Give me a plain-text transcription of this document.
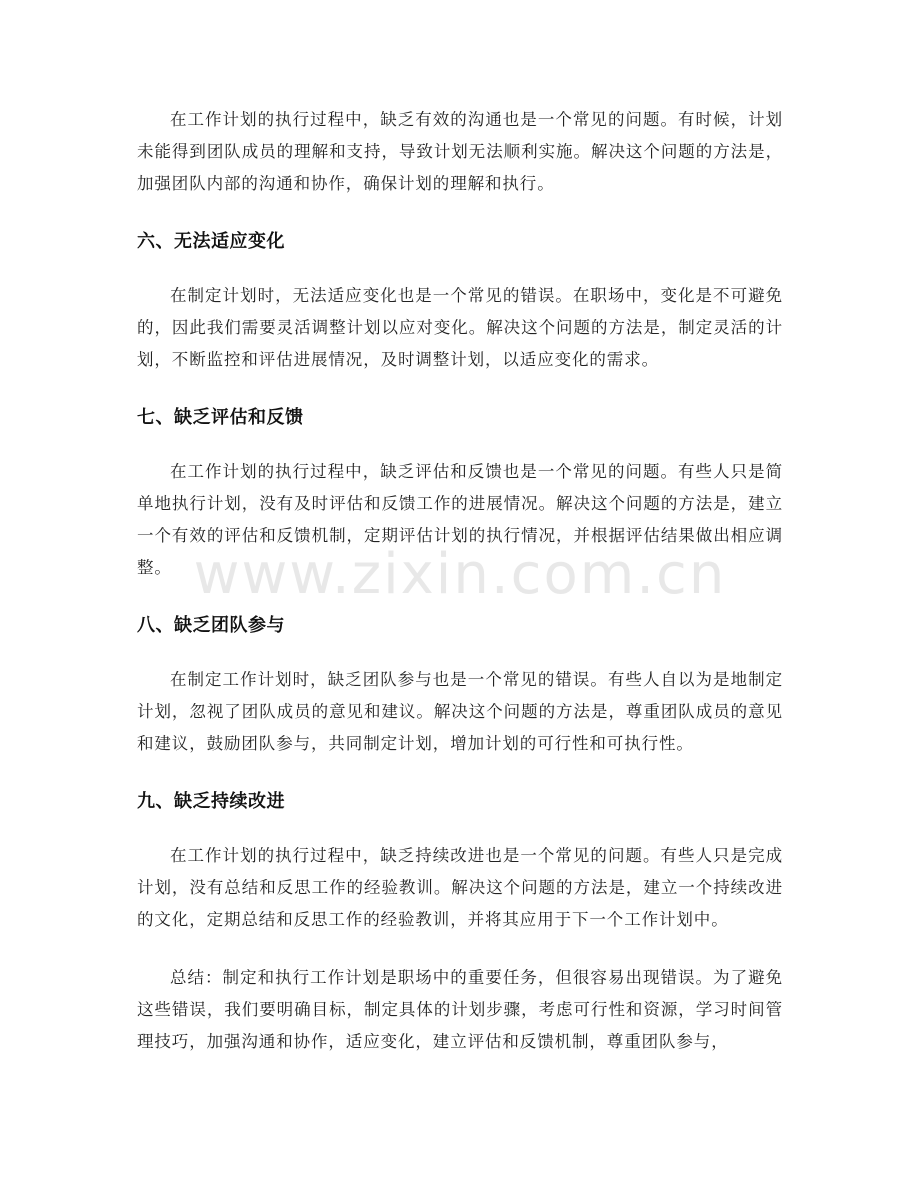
在工作计划的执行过程中，缺乏有效的沟通也是一个常见的问题。有时候，计划未能得到团队成员的理解和支持，导致计划无法顺利实施。解决这个问题的方法是，加强团队内部的沟通和协作，确保计划的理解和执行。

六、无法适应变化

在制定计划时，无法适应变化也是一个常见的错误。在职场中，变化是不可避免的，因此我们需要灵活调整计划以应对变化。解决这个问题的方法是，制定灵活的计划，不断监控和评估进展情况，及时调整计划，以适应变化的需求。

七、缺乏评估和反馈

在工作计划的执行过程中，缺乏评估和反馈也是一个常见的问题。有些人只是简单地执行计划，没有及时评估和反馈工作的进展情况。解决这个问题的方法是，建立一个有效的评估和反馈机制，定期评估计划的执行情况，并根据评估结果做出相应调整。

八、缺乏团队参与

在制定工作计划时，缺乏团队参与也是一个常见的错误。有些人自以为是地制定计划，忽视了团队成员的意见和建议。解决这个问题的方法是，尊重团队成员的意见和建议，鼓励团队参与，共同制定计划，增加计划的可行性和可执行性。

九、缺乏持续改进

在工作计划的执行过程中，缺乏持续改进也是一个常见的问题。有些人只是完成计划，没有总结和反思工作的经验教训。解决这个问题的方法是，建立一个持续改进的文化，定期总结和反思工作的经验教训，并将其应用于下一个工作计划中。

总结：制定和执行工作计划是职场中的重要任务，但很容易出现错误。为了避免这些错误，我们要明确目标，制定具体的计划步骤，考虑可行性和资源，学习时间管理技巧，加强沟通和协作，适应变化，建立评估和反馈机制，尊重团队参与，

www.zixin.com.cn
